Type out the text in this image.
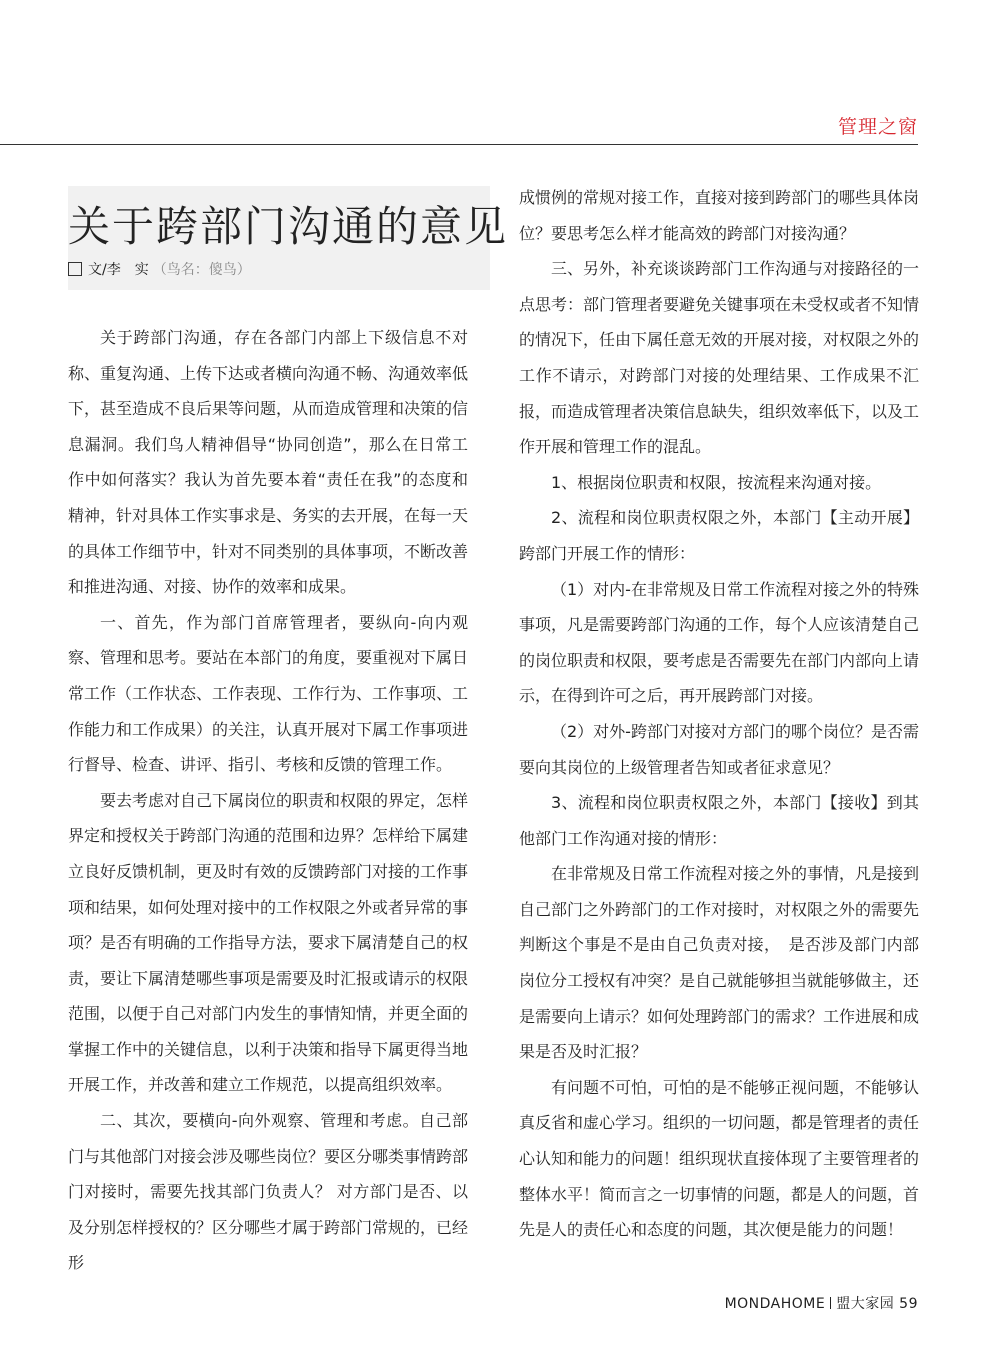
管理之窗
关于跨部门沟通的意见
文/李　实 （鸟名：傻鸟）

关于跨部门沟通，存在各部门内部上下级信息不对称、重复沟通、上传下达或者横向沟通不畅、沟通效率低下，甚至造成不良后果等问题，从而造成管理和决策的信息漏洞。我们鸟人精神倡导“协同创造”，那么在日常工作中如何落实？我认为首先要本着“责任在我”的态度和精神，针对具体工作实事求是、务实的去开展，在每一天的具体工作细节中，针对不同类别的具体事项，不断改善和推进沟通、对接、协作的效率和成果。

一、首先，作为部门首席管理者，要纵向-向内观察、管理和思考。要站在本部门的角度，要重视对下属日常工作（工作状态、工作表现、工作行为、工作事项、工作能力和工作成果）的关注，认真开展对下属工作事项进行督导、检查、讲评、指引、考核和反馈的管理工作。

要去考虑对自己下属岗位的职责和权限的界定，怎样界定和授权关于跨部门沟通的范围和边界？怎样给下属建立良好反馈机制，更及时有效的反馈跨部门对接的工作事项和结果，如何处理对接中的工作权限之外或者异常的事项？是否有明确的工作指导方法，要求下属清楚自己的权责，要让下属清楚哪些事项是需要及时汇报或请示的权限范围，以便于自己对部门内发生的事情知情，并更全面的掌握工作中的关键信息，以利于决策和指导下属更得当地开展工作，并改善和建立工作规范，以提高组织效率。

二、其次，要横向-向外观察、管理和考虑。自己部门与其他部门对接会涉及哪些岗位？要区分哪类事情跨部门对接时，需要先找其部门负责人？ 对方部门是否、以及分别怎样授权的？区分哪些才属于跨部门常规的，已经形

成惯例的常规对接工作，直接对接到跨部门的哪些具体岗位？要思考怎么样才能高效的跨部门对接沟通？

三、另外，补充谈谈跨部门工作沟通与对接路径的一点思考：部门管理者要避免关键事项在未受权或者不知情的情况下，任由下属任意无效的开展对接，对权限之外的工作不请示，对跨部门对接的处理结果、工作成果不汇报，而造成管理者决策信息缺失，组织效率低下，以及工作开展和管理工作的混乱。

1、根据岗位职责和权限，按流程来沟通对接。

2、流程和岗位职责权限之外，本部门【主动开展】跨部门开展工作的情形：

（1）对内-在非常规及日常工作流程对接之外的特殊事项，凡是需要跨部门沟通的工作，每个人应该清楚自己的岗位职责和权限，要考虑是否需要先在部门内部向上请示，在得到许可之后，再开展跨部门对接。

（2）对外-跨部门对接对方部门的哪个岗位？是否需要向其岗位的上级管理者告知或者征求意见？

3、流程和岗位职责权限之外，本部门【接收】到其他部门工作沟通对接的情形：

在非常规及日常工作流程对接之外的事情，凡是接到自己部门之外跨部门的工作对接时，对权限之外的需要先判断这个事是不是由自己负责对接，　是否涉及部门内部岗位分工授权有冲突？是自己就能够担当就能够做主，还是需要向上请示？如何处理跨部门的需求？工作进展和成果是否及时汇报？

有问题不可怕，可怕的是不能够正视问题，不能够认真反省和虚心学习。组织的一切问题，都是管理者的责任心认知和能力的问题！组织现状直接体现了主要管理者的整体水平！简而言之一切事情的问题，都是人的问题，首先是人的责任心和态度的问题，其次便是能力的问题！

MONDAHOME 盟大家园 59
